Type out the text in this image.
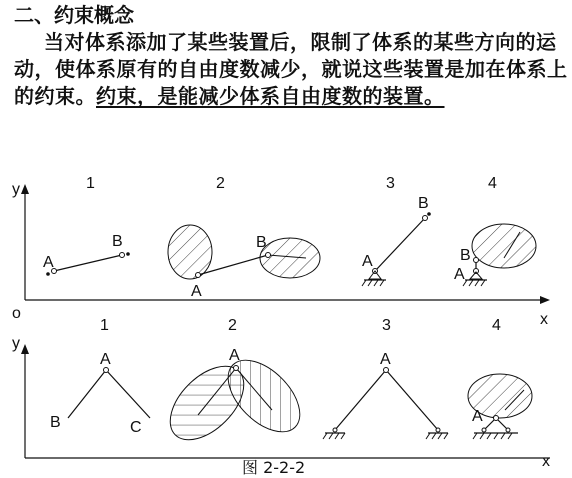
二、约束概念

当对体系添加了某些装置后，限制了体系的某些方向的运动，使体系原有的自由度数减少，就说这些装置是加在体系上的约束。约束，是能减少体系自由度数的装置。

y
o	x
1	2	3	4
A
B
A
B
A
B
B
A
y
x
1	2	3	4
A
B	C
A	A
A
图 2-2-2
